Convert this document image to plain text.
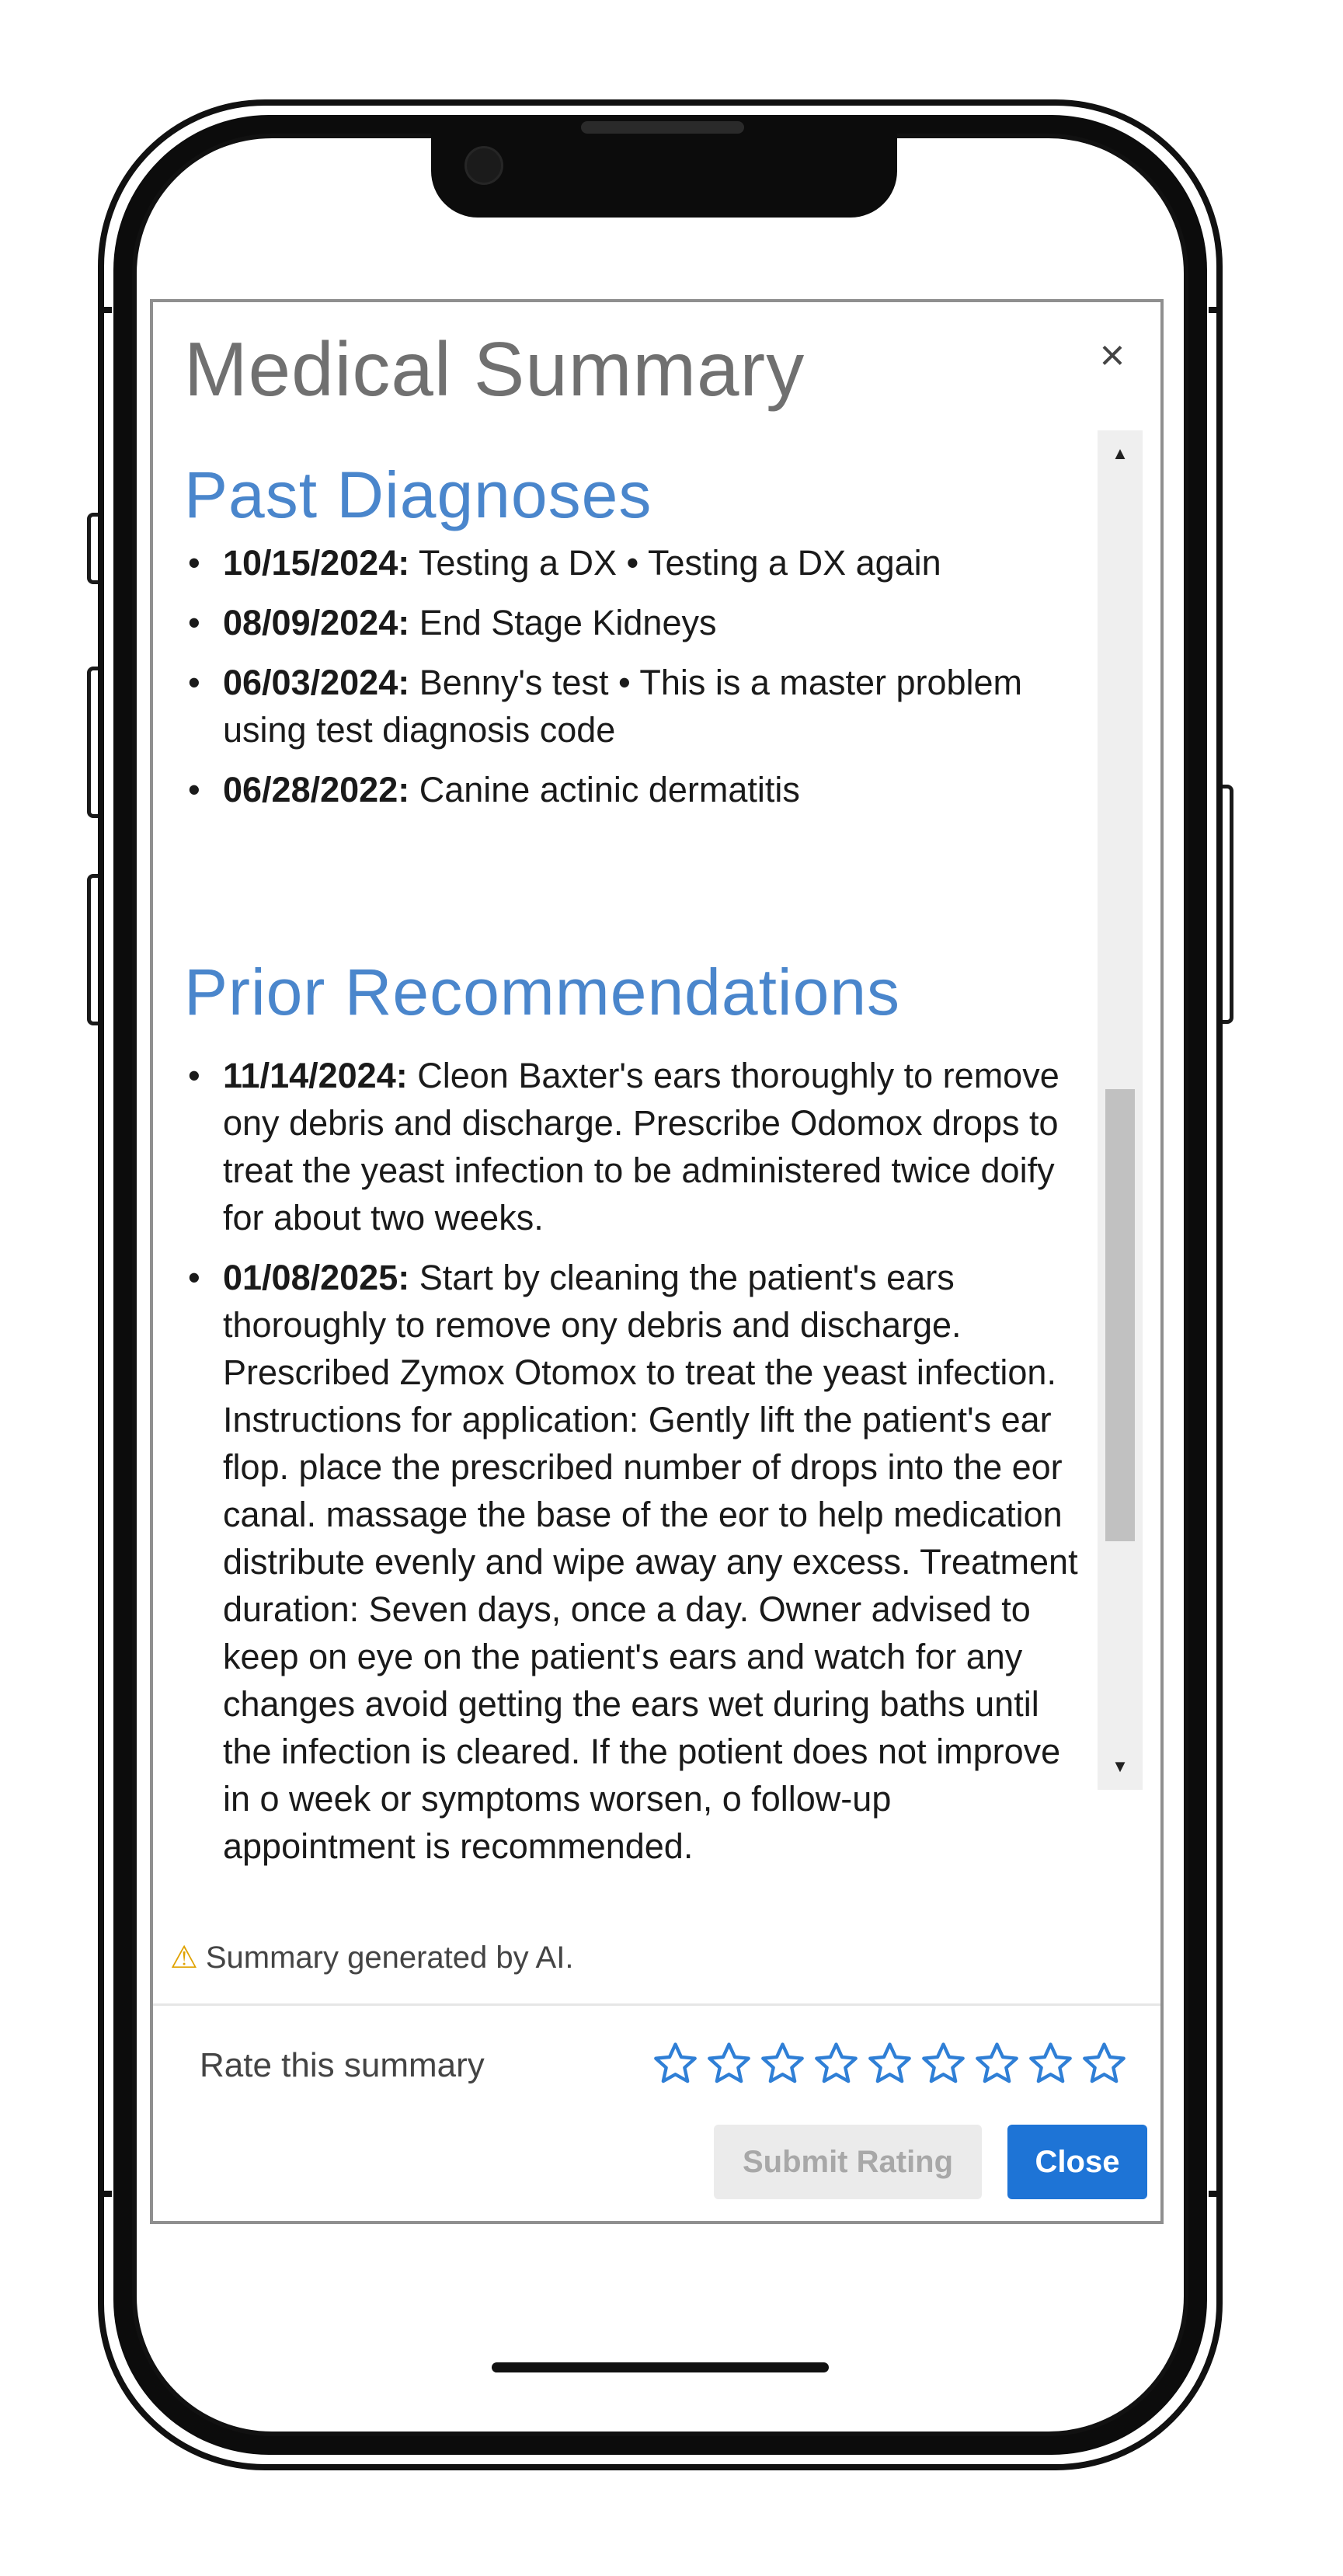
Medical Summary	×
Past Diagnoses
• 10/15/2024: Testing a DX • Testing a DX again
• 08/09/2024: End Stage Kidneys
• 06/03/2024: Benny's test • This is a master problem using test diagnosis code
• 06/28/2022: Canine actinic dermatitis
Prior Recommendations
• 11/14/2024: Cleon Baxter's ears thoroughly to remove ony debris and discharge. Prescribe Odomox drops to treat the yeast infection to be administered twice doify for about two weeks.
• 01/08/2025: Start by cleaning the patient's ears thoroughly to remove ony debris and discharge. Prescribed Zymox Otomox to treat the yeast infection. Instructions for application: Gently lift the patient's ear flop. place the prescribed number of drops into the eor canal. massage the base of the eor to help medication distribute evenly and wipe away any excess. Treatment duration: Seven days, once a day. Owner advised to keep on eye on the patient's ears and watch for any changes avoid getting the ears wet during baths until the infection is cleared. If the potient does not improve in o week or symptoms worsen, o follow-up appointment is recommended.
▲
▼
⚠ Summary generated by AI.
Rate this summary
Submit Rating	Close
